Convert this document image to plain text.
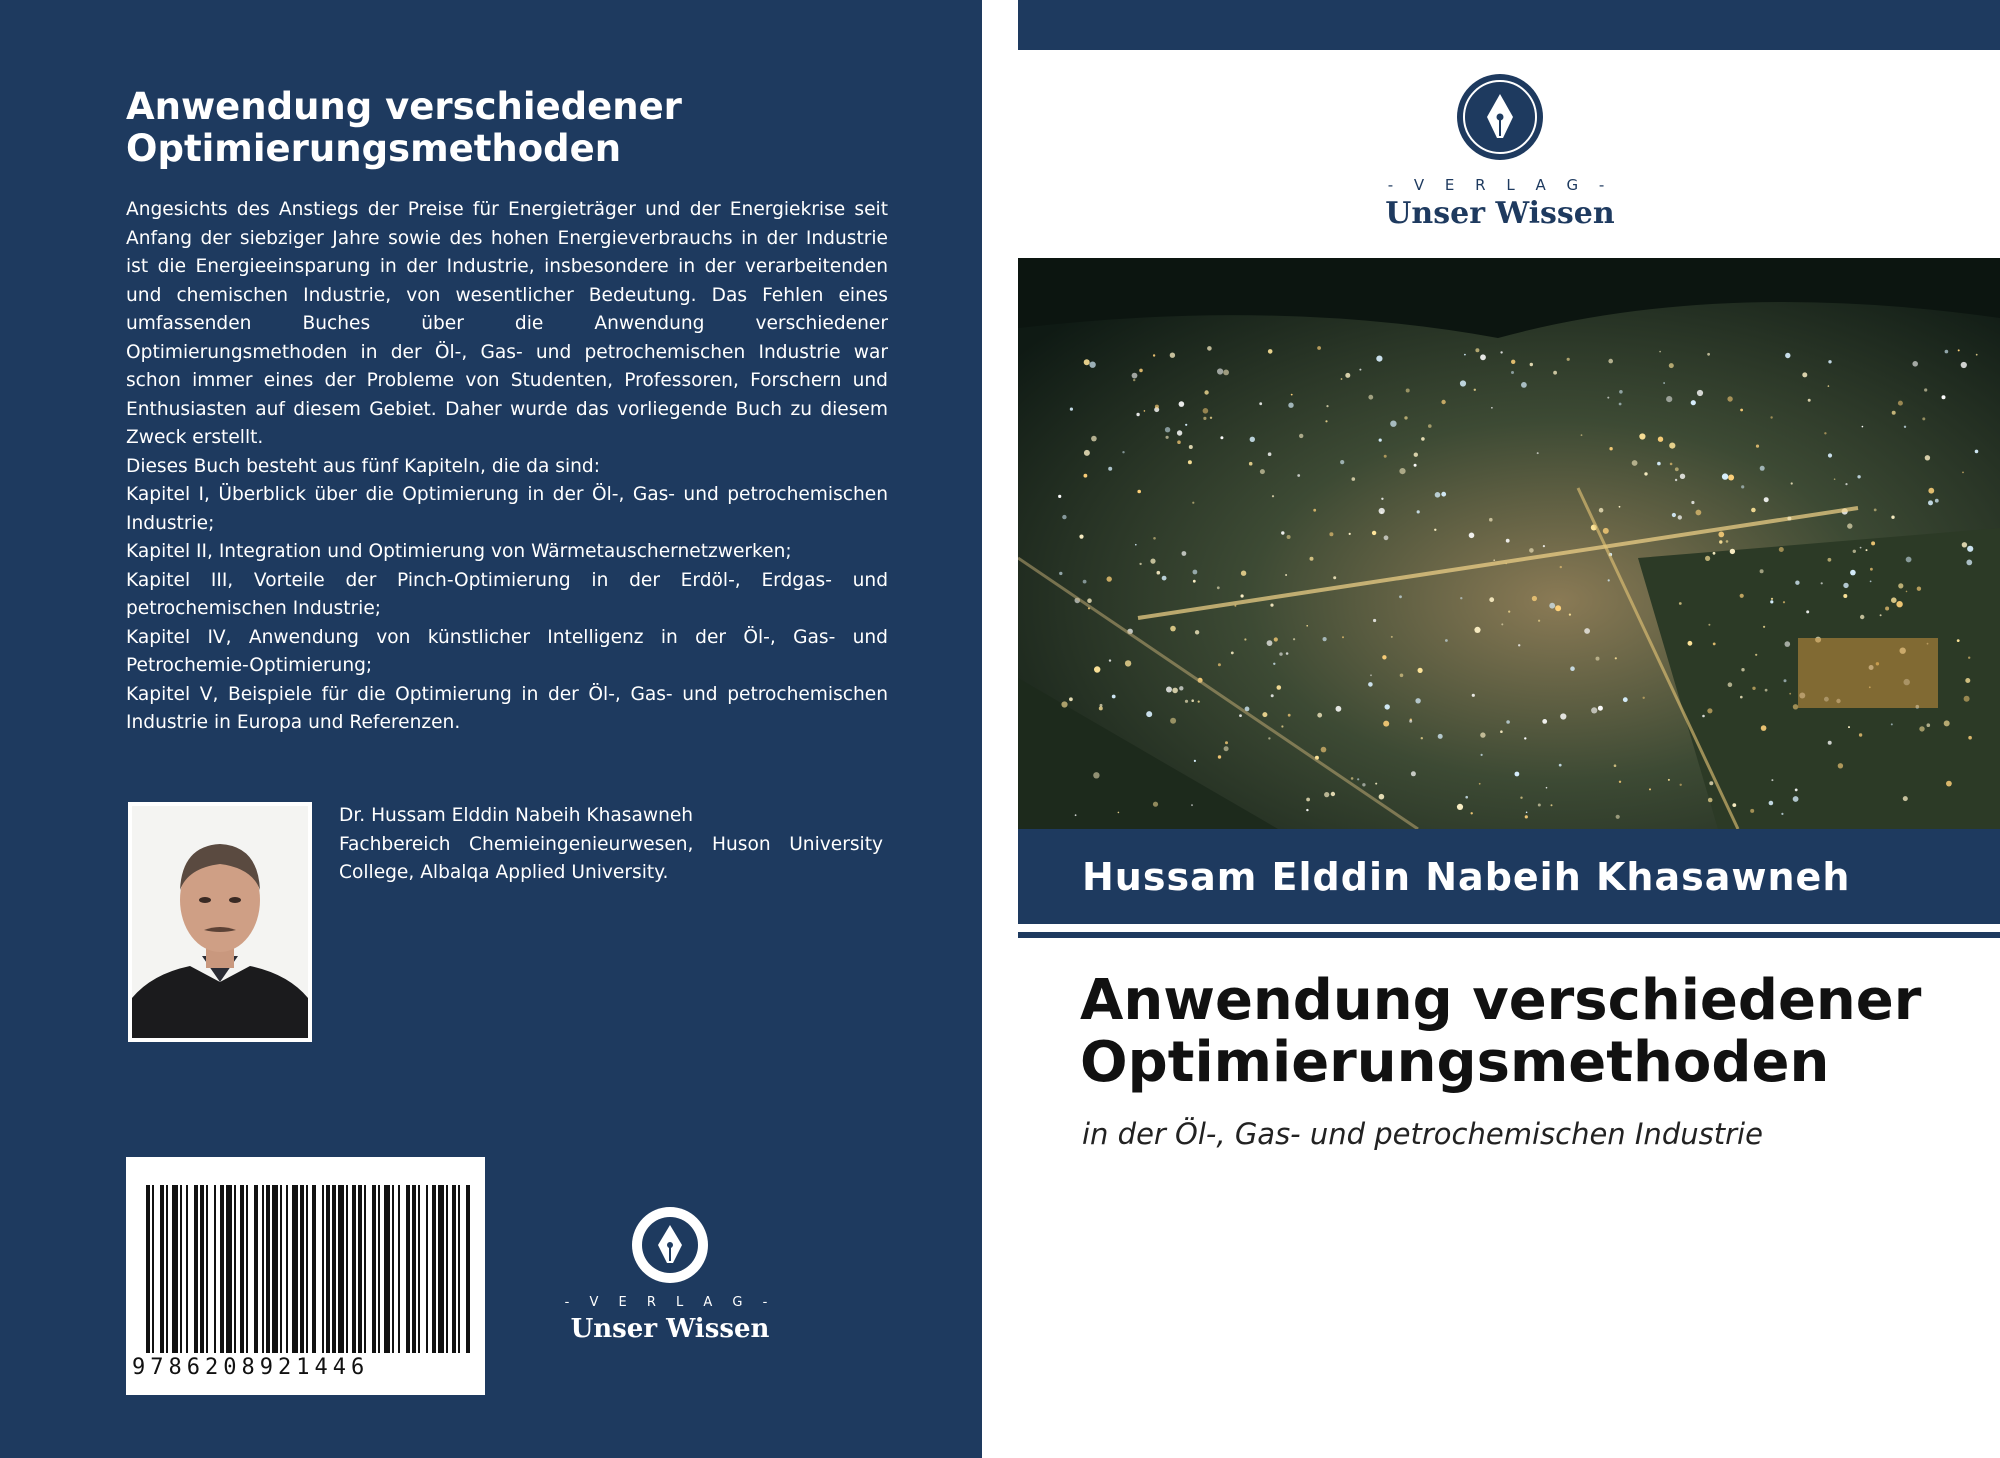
Anwendung verschiedener Optimierungsmethoden

Angesichts des Anstiegs der Preise für Energieträger und der Energiekrise seit Anfang der siebziger Jahre sowie des hohen Energieverbrauchs in der Industrie ist die Energieeinsparung in der Industrie, insbesondere in der verarbeitenden und chemischen Industrie, von wesentlicher Bedeutung. Das Fehlen eines umfassenden Buches über die Anwendung verschiedener Optimierungsmethoden in der Öl-, Gas- und petrochemischen Industrie war schon immer eines der Probleme von Studenten, Professoren, Forschern und Enthusiasten auf diesem Gebiet. Daher wurde das vorliegende Buch zu diesem Zweck erstellt.

Dieses Buch besteht aus fünf Kapiteln, die da sind:

Kapitel I, Überblick über die Optimierung in der Öl-, Gas- und petrochemischen Industrie;

Kapitel II, Integration und Optimierung von Wärmetauschernetzwerken;

Kapitel III, Vorteile der Pinch-Optimierung in der Erdöl-, Erdgas- und petrochemischen Industrie;

Kapitel IV, Anwendung von künstlicher Intelligenz in der Öl-, Gas- und Petrochemie-Optimierung;

Kapitel V, Beispiele für die Optimierung in der Öl-, Gas- und petrochemischen Industrie in Europa und Referenzen.

Dr. Hussam Elddin Nabeih Khasawneh

Fachbereich Chemieingenieurwesen, Huson University College, Albalqa Applied University.

9786208921446
- V E R L A G -
Unser Wissen
- V E R L A G -
Unser Wissen
Hussam Elddin Nabeih Khasawneh
Anwendung verschiedener Optimierungsmethoden
in der Öl-, Gas- und petrochemischen Industrie
